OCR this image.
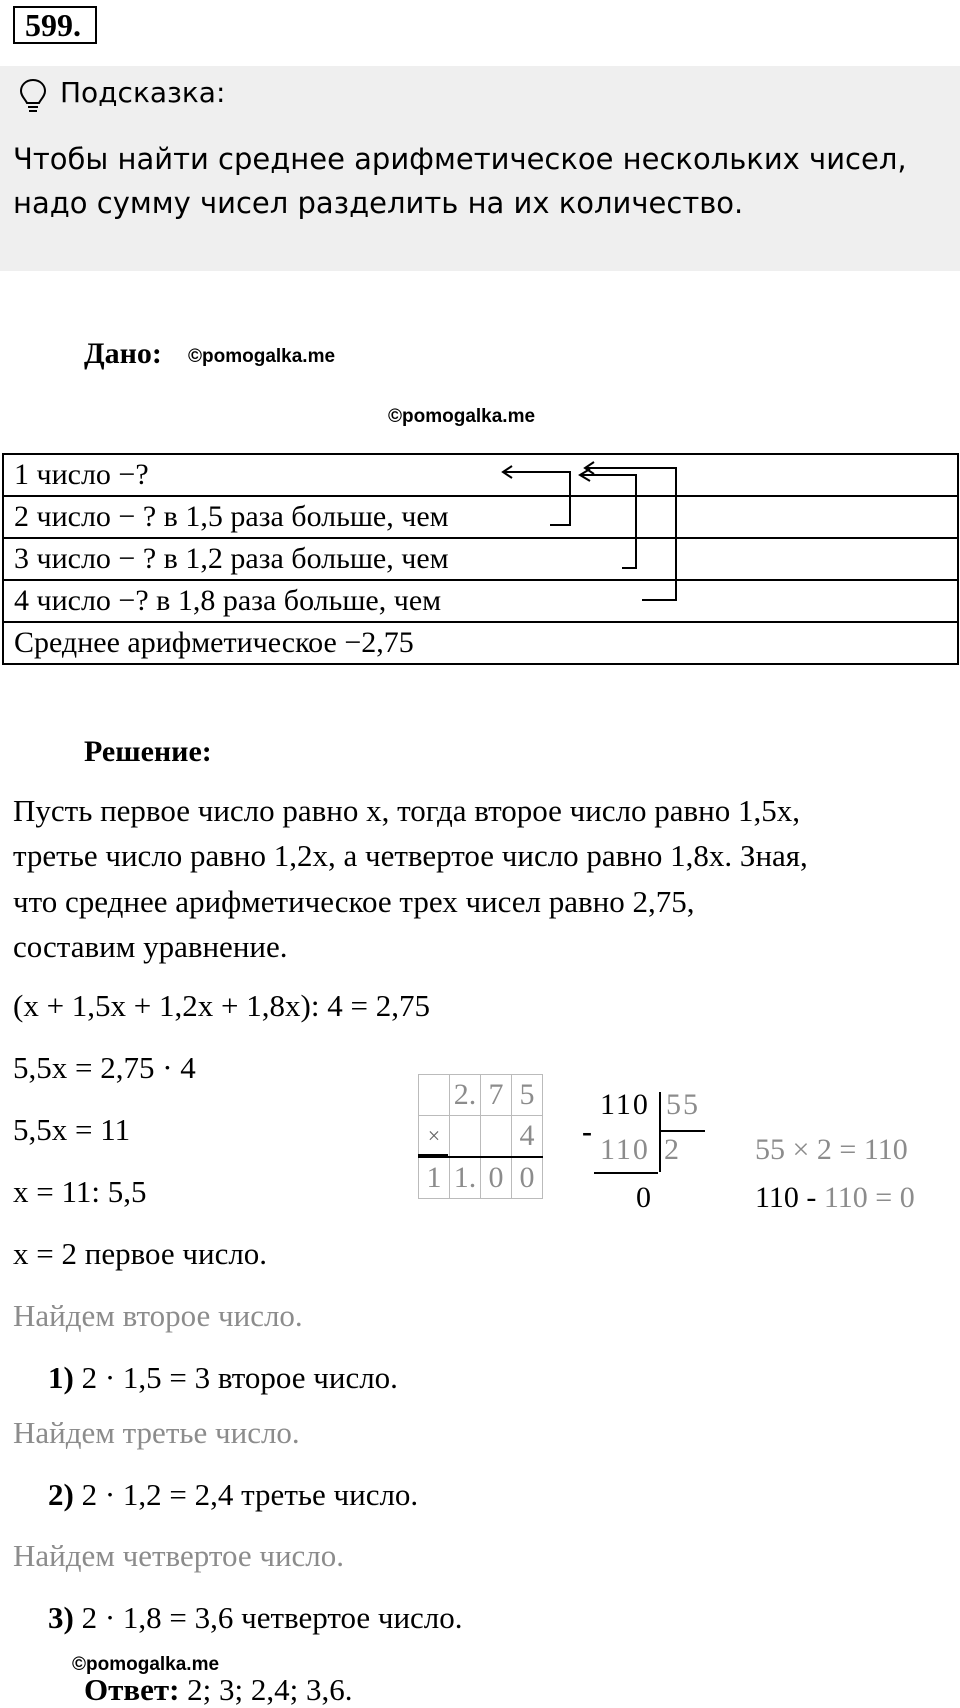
599.
Подсказка:
Чтобы найти среднее арифметическое нескольких чисел,
надо сумму чисел разделить на их количество.
Дано: ©pomogalka.me
©pomogalka.me
1 число −?
2 число − ? в 1,5 раза больше, чем
3 число − ? в 1,2 раза больше, чем
4 число −? в 1,8 раза больше, чем
Среднее арифметическое −2,75
Решение:
Пусть первое число равно x, тогда второе число равно 1,5x,
третье число равно 1,2x, а четвертое число равно 1,8x. Зная,
что среднее арифметическое трех чисел равно 2,75,
составим уравнение.
(x + 1,5x + 1,2x + 1,8x): 4 = 2,75
5,5x = 2,75 · 4
5,5x = 11
x = 11: 5,5
x = 2 первое число.
	2.	7	5
×			4
1	1.	0	0
-
110 55
110 2
0
55 × 2 = 110
110 - 110 = 0
Найдем второе число.
1) 2 · 1,5 = 3 второе число.
Найдем третье число.
2) 2 · 1,2 = 2,4 третье число.
Найдем четвертое число.
3) 2 · 1,8 = 3,6 четвертое число.
©pomogalka.me
Ответ: 2; 3; 2,4; 3,6.
